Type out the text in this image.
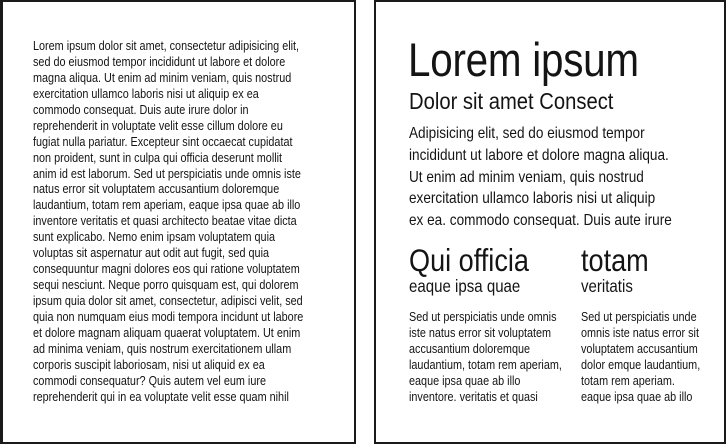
Lorem ipsum dolor sit amet, consectetur adipisicing elit,
sed do eiusmod tempor incididunt ut labore et dolore
magna aliqua. Ut enim ad minim veniam, quis nostrud
exercitation ullamco laboris nisi ut aliquip ex ea
commodo consequat. Duis aute irure dolor in
reprehenderit in voluptate velit esse cillum dolore eu
fugiat nulla pariatur. Excepteur sint occaecat cupidatat
non proident, sunt in culpa qui officia deserunt mollit
anim id est laborum. Sed ut perspiciatis unde omnis iste
natus error sit voluptatem accusantium doloremque
laudantium, totam rem aperiam, eaque ipsa quae ab illo
inventore veritatis et quasi architecto beatae vitae dicta
sunt explicabo. Nemo enim ipsam voluptatem quia
voluptas sit aspernatur aut odit aut fugit, sed quia
consequuntur magni dolores eos qui ratione voluptatem
sequi nesciunt. Neque porro quisquam est, qui dolorem
ipsum quia dolor sit amet, consectetur, adipisci velit, sed
quia non numquam eius modi tempora incidunt ut labore
et dolore magnam aliquam quaerat voluptatem. Ut enim
ad minima veniam, quis nostrum exercitationem ullam
corporis suscipit laboriosam, nisi ut aliquid ex ea
commodi consequatur? Quis autem vel eum iure
reprehenderit qui in ea voluptate velit esse quam nihil
Lorem ipsum
Dolor sit amet Consect
Adipisicing elit, sed do eiusmod tempor
incididunt ut labore et dolore magna aliqua.
Ut enim ad minim veniam, quis nostrud
exercitation ullamco laboris nisi ut aliquip
ex ea. commodo consequat. Duis aute irure
Qui officia
eaque ipsa quae
Sed ut perspiciatis unde omnis
iste natus error sit voluptatem
accusantium doloremque
laudantium, totam rem aperiam,
eaque ipsa quae ab illo
inventore. veritatis et quasi
totam
veritatis
Sed ut perspiciatis unde
omnis iste natus error sit
voluptatem accusantium
dolor emque laudantium,
totam rem aperiam.
eaque ipsa quae ab illo
